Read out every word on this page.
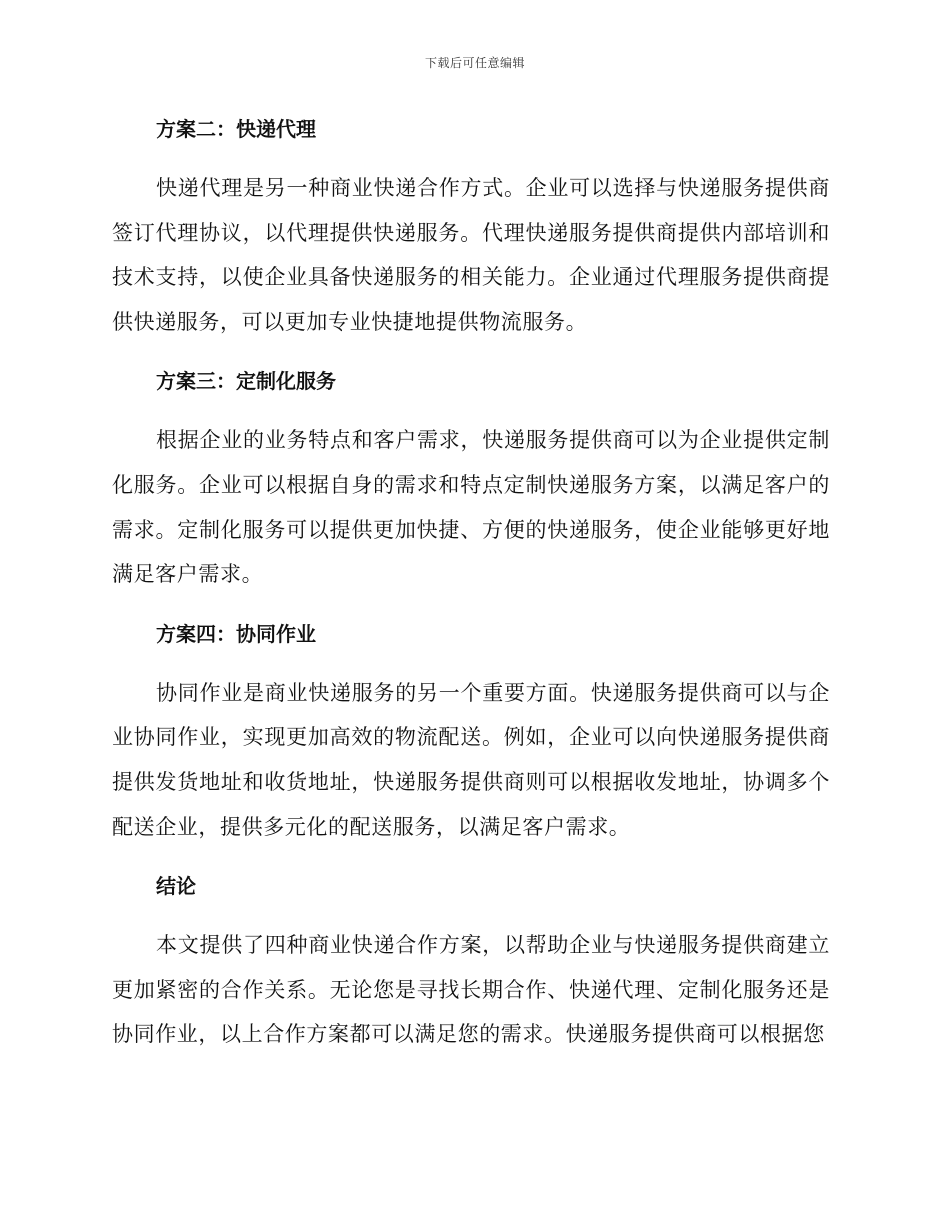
下载后可任意编辑
方案二：快递代理

快递代理是另一种商业快递合作方式。企业可以选择与快递服务提供商签订代理协议，以代理提供快递服务。代理快递服务提供商提供内部培训和技术支持，以使企业具备快递服务的相关能力。企业通过代理服务提供商提供快递服务，可以更加专业快捷地提供物流服务。

方案三：定制化服务

根据企业的业务特点和客户需求，快递服务提供商可以为企业提供定制化服务。企业可以根据自身的需求和特点定制快递服务方案，以满足客户的需求。定制化服务可以提供更加快捷、方便的快递服务，使企业能够更好地满足客户需求。

方案四：协同作业

协同作业是商业快递服务的另一个重要方面。快递服务提供商可以与企业协同作业，实现更加高效的物流配送。例如，企业可以向快递服务提供商提供发货地址和收货地址，快递服务提供商则可以根据收发地址，协调多个配送企业，提供多元化的配送服务，以满足客户需求。

结论

本文提供了四种商业快递合作方案，以帮助企业与快递服务提供商建立更加紧密的合作关系。无论您是寻找长期合作、快递代理、定制化服务还是协同作业，以上合作方案都可以满足您的需求。快递服务提供商可以根据您
